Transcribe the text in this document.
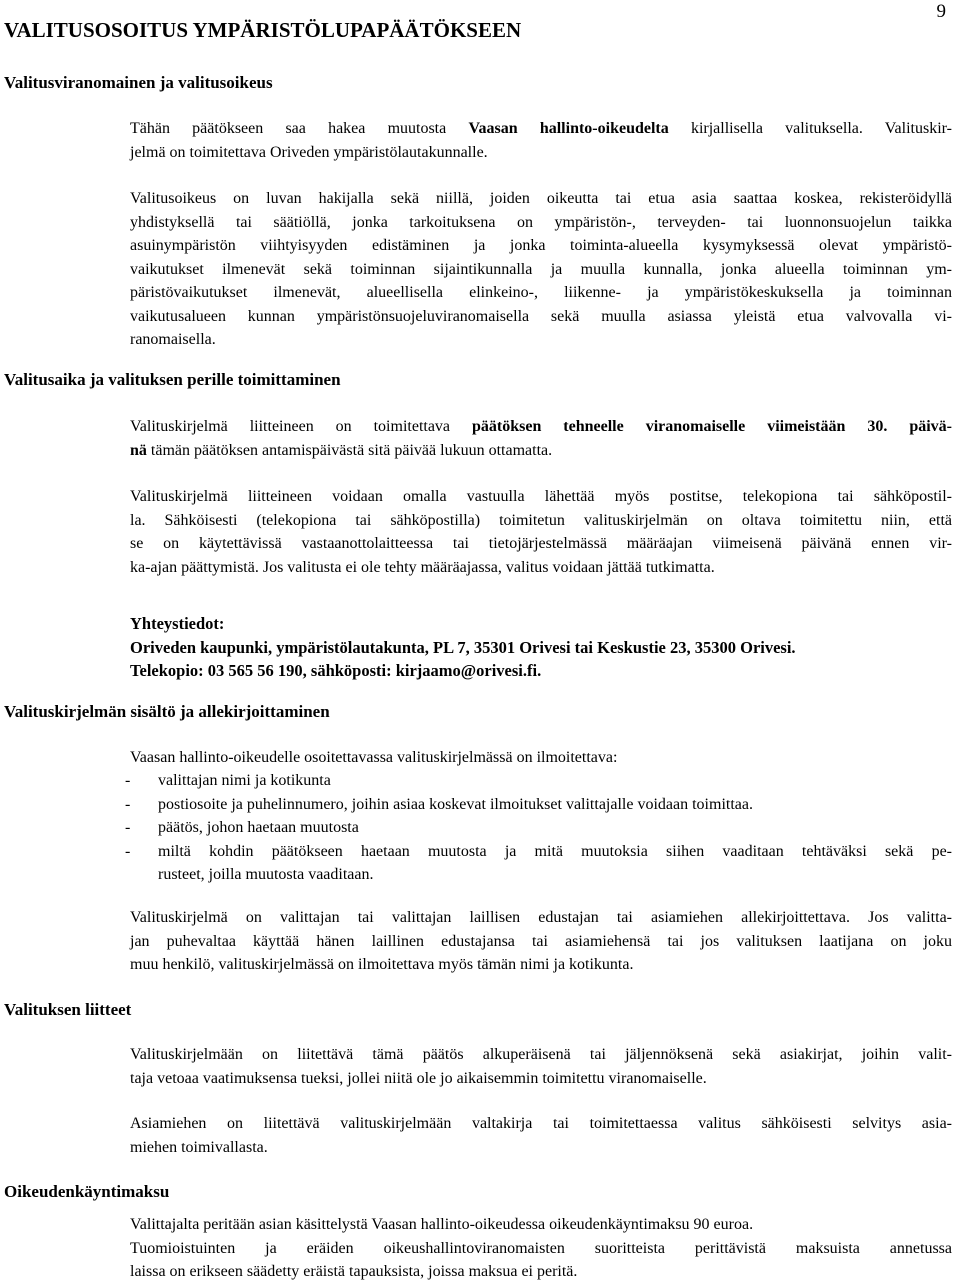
9
VALITUSOSOITUS YMPÄRISTÖLUPAPÄÄTÖKSEEN
Valitusviranomainen ja valitusoikeus
Tähän päätökseen saa hakea muutosta Vaasan hallinto-oikeudelta kirjallisella valituksella. Valituskir-
jelmä on toimitettava Oriveden ympäristölautakunnalle.
Valitusoikeus on luvan hakijalla sekä niillä, joiden oikeutta tai etua asia saattaa koskea, rekisteröidyllä
yhdistyksellä tai säätiöllä, jonka tarkoituksena on ympäristön-, terveyden- tai luonnonsuojelun taikka
asuinympäristön viihtyisyyden edistäminen ja jonka toiminta-alueella kysymyksessä olevat ympäristö-
vaikutukset ilmenevät sekä toiminnan sijaintikunnalla ja muulla kunnalla, jonka alueella toiminnan ym-
päristövaikutukset ilmenevät, alueellisella elinkeino-, liikenne- ja ympäristökeskuksella ja toiminnan
vaikutusalueen kunnan ympäristönsuojeluviranomaisella sekä muulla asiassa yleistä etua valvovalla vi-
ranomaisella.
Valitusaika ja valituksen perille toimittaminen
Valituskirjelmä liitteineen on toimitettava päätöksen tehneelle viranomaiselle viimeistään 30. päivä-
nä tämän päätöksen antamispäivästä sitä päivää lukuun ottamatta.
Valituskirjelmä liitteineen voidaan omalla vastuulla lähettää myös postitse, telekopiona tai sähköpostil-
la. Sähköisesti (telekopiona tai sähköpostilla) toimitetun valituskirjelmän on oltava toimitettu niin, että
se on käytettävissä vastaanottolaitteessa tai tietojärjestelmässä määräajan viimeisenä päivänä ennen vir-
ka-ajan päättymistä. Jos valitusta ei ole tehty määräajassa, valitus voidaan jättää tutkimatta.
Yhteystiedot:
Oriveden kaupunki, ympäristölautakunta, PL 7, 35301 Orivesi tai Keskustie 23, 35300 Orivesi.
Telekopio: 03 565 56 190, sähköposti: kirjaamo@orivesi.fi.
Valituskirjelmän sisältö ja allekirjoittaminen
Vaasan hallinto-oikeudelle osoitettavassa valituskirjelmässä on ilmoitettava:
- valittajan nimi ja kotikunta
- postiosoite ja puhelinnumero, joihin asiaa koskevat ilmoitukset valittajalle voidaan toimittaa.
- päätös, johon haetaan muutosta
- miltä kohdin päätökseen haetaan muutosta ja mitä muutoksia siihen vaaditaan tehtäväksi sekä pe-
rusteet, joilla muutosta vaaditaan.
Valituskirjelmä on valittajan tai valittajan laillisen edustajan tai asiamiehen allekirjoittettava. Jos valitta-
jan puhevaltaa käyttää hänen laillinen edustajansa tai asiamiehensä tai jos valituksen laatijana on joku
muu henkilö, valituskirjelmässä on ilmoitettava myös tämän nimi ja kotikunta.
Valituksen liitteet
Valituskirjelmään on liitettävä tämä päätös alkuperäisenä tai jäljennöksenä sekä asiakirjat, joihin valit-
taja vetoaa vaatimuksensa tueksi, jollei niitä ole jo aikaisemmin toimitettu viranomaiselle.
Asiamiehen on liitettävä valituskirjelmään valtakirja tai toimitettaessa valitus sähköisesti selvitys asia-
miehen toimivallasta.
Oikeudenkäyntimaksu
Valittajalta peritään asian käsittelystä Vaasan hallinto-oikeudessa oikeudenkäyntimaksu 90 euroa.
Tuomioistuinten ja eräiden oikeushallintoviranomaisten suoritteista perittävistä maksuista annetussa
laissa on erikseen säädetty eräistä tapauksista, joissa maksua ei peritä.
